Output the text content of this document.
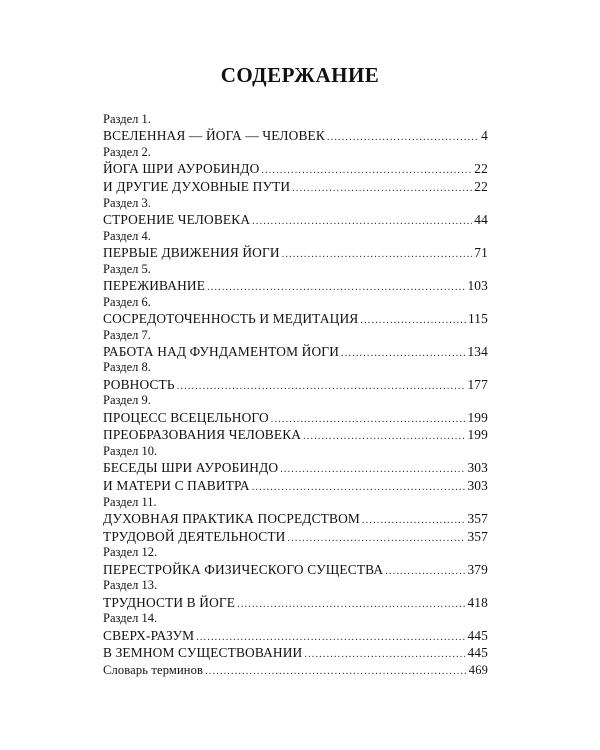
СОДЕРЖАНИЕ
Раздел 1.
ВСЕЛЕННАЯ — ЙОГА — ЧЕЛОВЕК .....	4
Раздел 2.
ЙОГА ШРИ АУРОБИНДО .....	22
И ДРУГИЕ ДУХОВНЫЕ ПУТИ .....	22
Раздел 3.
СТРОЕНИЕ ЧЕЛОВЕКА .....	44
Раздел 4.
ПЕРВЫЕ ДВИЖЕНИЯ ЙОГИ .....	71
Раздел 5.
ПЕРЕЖИВАНИЕ .....	103
Раздел 6.
СОСРЕДОТОЧЕННОСТЬ И МЕДИТАЦИЯ .....	115
Раздел 7.
РАБОТА НАД ФУНДАМЕНТОМ ЙОГИ .....	134
Раздел 8.
РОВНОСТЬ .....	177
Раздел 9.
ПРОЦЕСС ВСЕЦЕЛЬНОГО .....	199
ПРЕОБРАЗОВАНИЯ ЧЕЛОВЕКА .....	199
Раздел 10.
БЕСЕДЫ ШРИ АУРОБИНДО .....	303
И МАТЕРИ С ПАВИТРА .....	303
Раздел 11.
ДУХОВНАЯ ПРАКТИКА ПОСРЕДСТВОМ .....	357
ТРУДОВОЙ ДЕЯТЕЛЬНОСТИ .....	357
Раздел 12.
ПЕРЕСТРОЙКА ФИЗИЧЕСКОГО СУЩЕСТВА .....	379
Раздел 13.
ТРУДНОСТИ В ЙОГЕ .....	418
Раздел 14.
СВЕРХ-РАЗУМ .....	445
В ЗЕМНОМ СУЩЕСТВОВАНИИ .....	445
Словарь терминов .....	469
